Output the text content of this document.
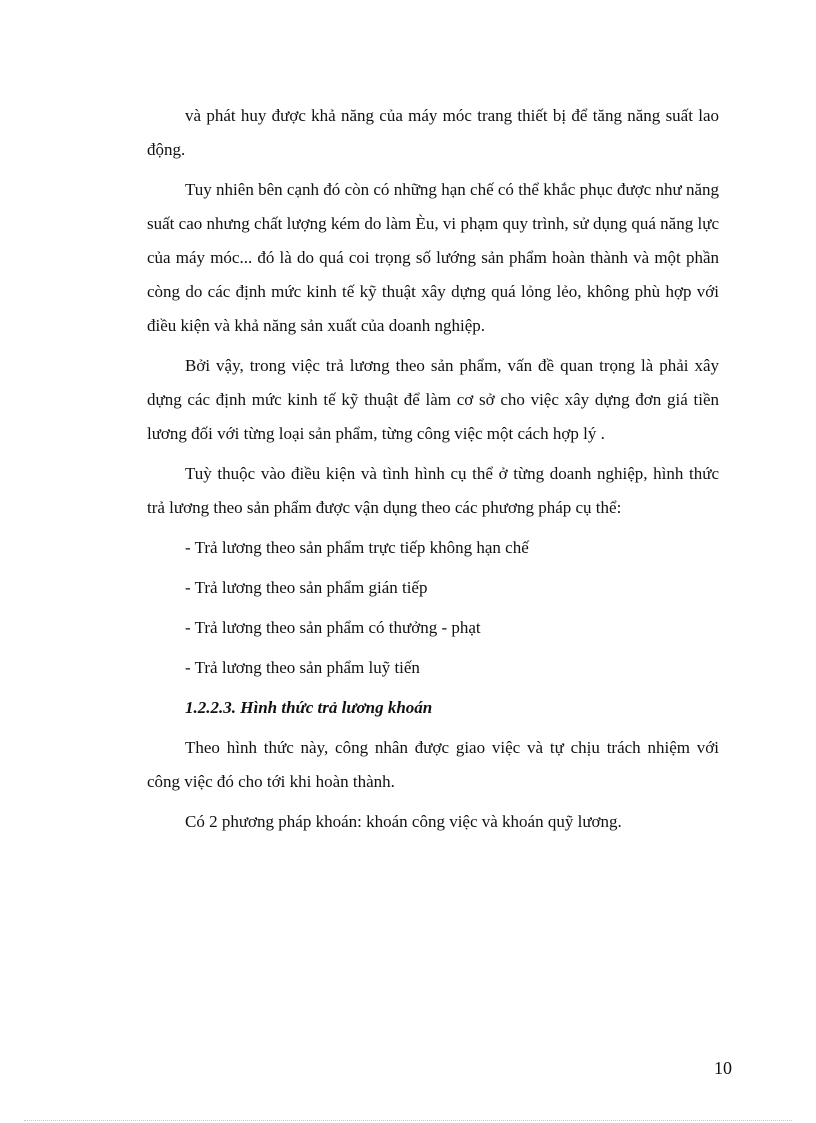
và phát huy được khả năng của máy móc trang thiết bị để tăng năng suất lao động.

Tuy nhiên bên cạnh đó còn có những hạn chế có thể khắc phục được như năng suất cao nhưng chất lượng kém do làm Èu, vi phạm quy trình, sử dụng quá năng lực của máy móc... đó là do quá coi trọng số lướng sản phẩm hoàn thành và một phần còng do các định mức kinh tế kỹ thuật xây dựng quá lỏng lẻo, không phù hợp với điều kiện và khả năng sản xuất của doanh nghiệp.

Bởi vậy, trong việc trả lương theo sản phẩm, vấn đề quan trọng là phải xây dựng các định mức kinh tế kỹ thuật để làm cơ sở cho việc xây dựng đơn giá tiền lương đối với từng loại sản phẩm, từng công việc một cách hợp lý .

Tuỳ thuộc vào điều kiện và tình hình cụ thể ở từng doanh nghiệp, hình thức trả lương theo sản phẩm được vận dụng theo các phương pháp cụ thể:

- Trả lương theo sản phẩm trực tiếp không hạn chế
- Trả lương theo sản phẩm gián tiếp
- Trả lương theo sản phẩm có thưởng - phạt
- Trả lương theo sản phẩm luỹ tiến
1.2.2.3. Hình thức trả lương khoán

Theo hình thức này, công nhân được giao việc và tự chịu trách nhiệm với công việc đó cho tới khi hoàn thành.

Có 2 phương pháp khoán: khoán công việc và khoán quỹ lương.

10
